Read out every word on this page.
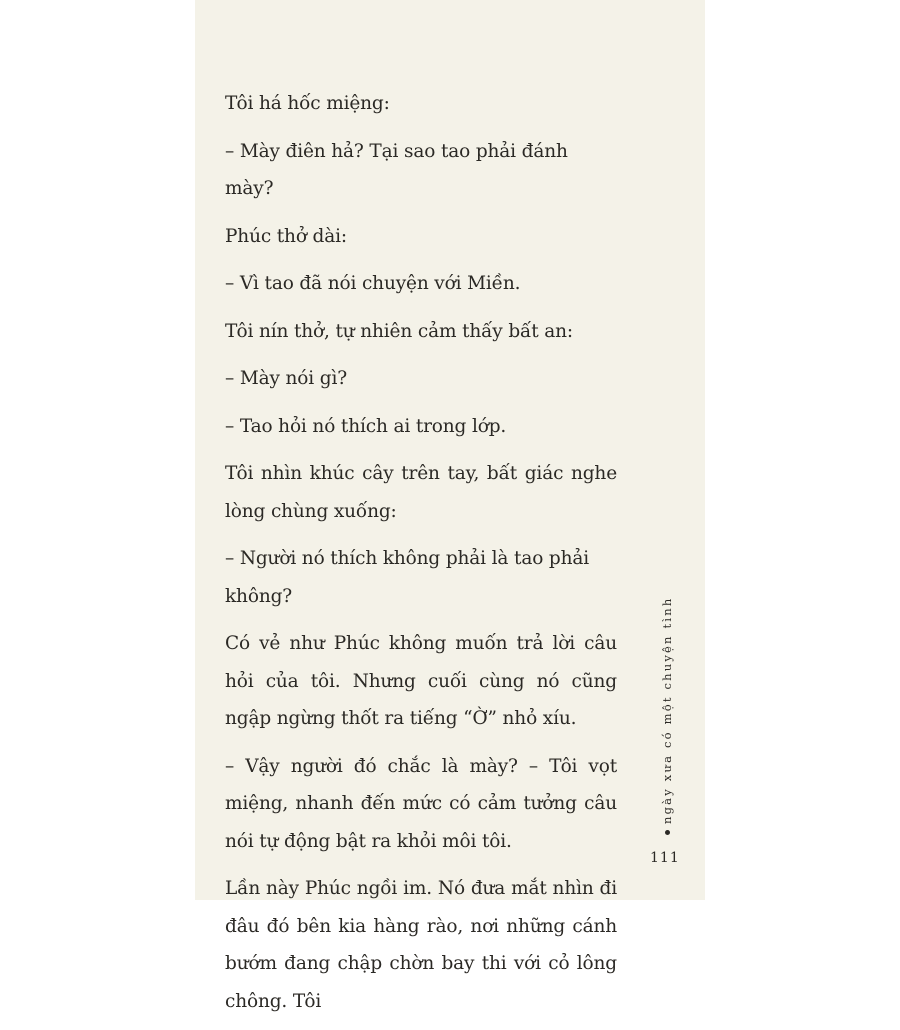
Tôi há hốc miệng:

– Mày điên hả? Tại sao tao phải đánh mày?

Phúc thở dài:

– Vì tao đã nói chuyện với Miền.

Tôi nín thở, tự nhiên cảm thấy bất an:

– Mày nói gì?

– Tao hỏi nó thích ai trong lớp.

Tôi nhìn khúc cây trên tay, bất giác nghe lòng chùng xuống:

– Người nó thích không phải là tao phải không?

Có vẻ như Phúc không muốn trả lời câu hỏi của tôi. Nhưng cuối cùng nó cũng ngập ngừng thốt ra tiếng “Ờ” nhỏ xíu.

– Vậy người đó chắc là mày? – Tôi vọt miệng, nhanh đến mức có cảm tưởng câu nói tự động bật ra khỏi môi tôi.

Lần này Phúc ngồi im. Nó đưa mắt nhìn đi đâu đó bên kia hàng rào, nơi những cánh bướm đang chập chờn bay thi với cỏ lông chông. Tôi

ngày xưa có một chuyện tình
111
